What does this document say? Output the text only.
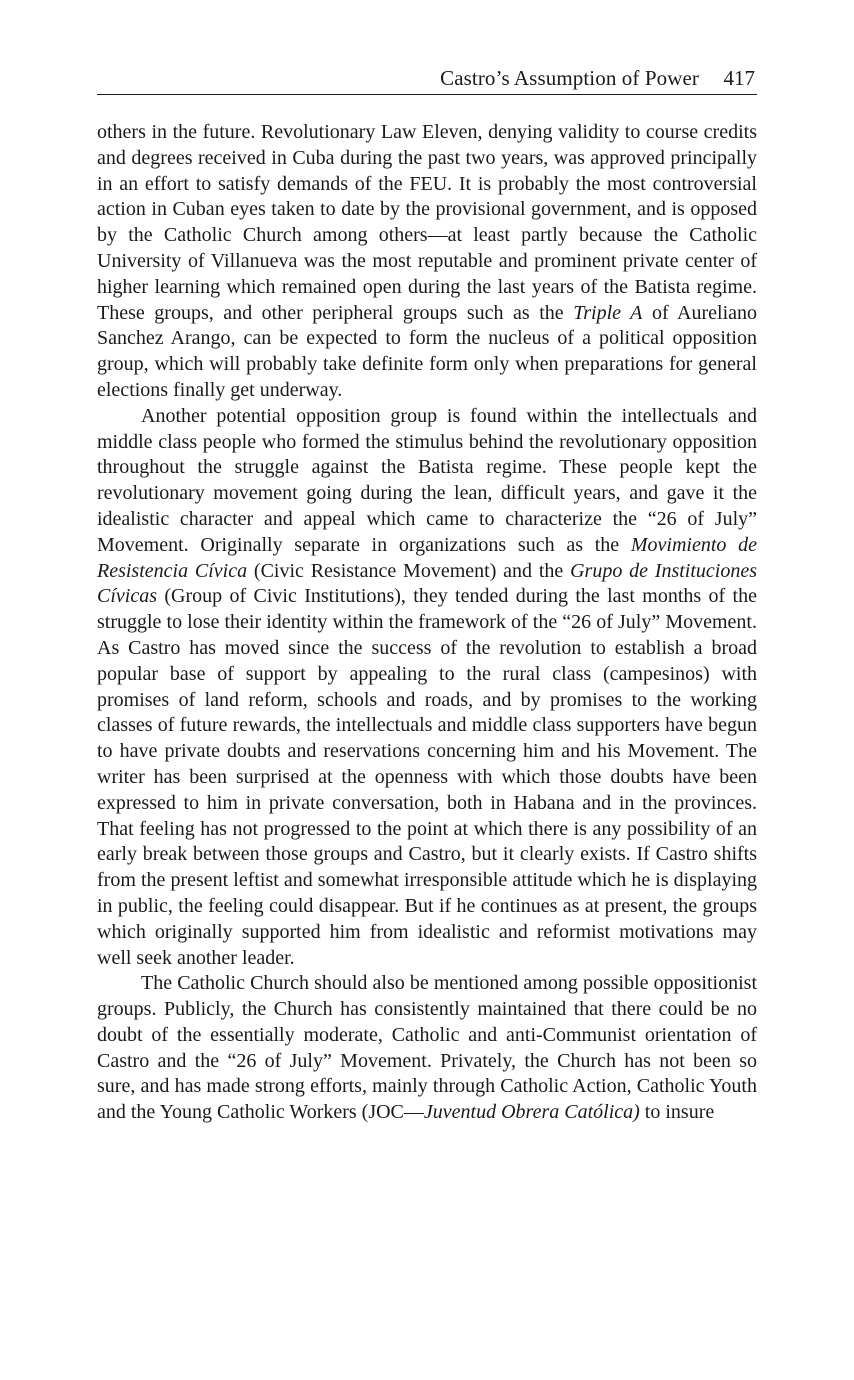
Castro’s Assumption of Power 417

others in the future. Revolutionary Law Eleven, denying validity to course credits and degrees received in Cuba during the past two years, was approved principally in an effort to satisfy demands of the FEU. It is probably the most controversial action in Cuban eyes taken to date by the provisional government, and is opposed by the Catholic Church among others—at least partly because the Catholic University of Villanueva was the most reputable and prominent private center of higher learning which remained open during the last years of the Batista regime. These groups, and other peripheral groups such as the Triple A of Aureliano Sanchez Arango, can be expected to form the nucleus of a political opposition group, which will probably take definite form only when preparations for general elections finally get underway.

Another potential opposition group is found within the intellectuals and middle class people who formed the stimulus behind the revolutionary opposition throughout the struggle against the Batista regime. These people kept the revolutionary movement going during the lean, difficult years, and gave it the idealistic character and appeal which came to characterize the “26 of July” Movement. Originally separate in organizations such as the Movimiento de Resistencia Cívica (Civic Resistance Movement) and the Grupo de Instituciones Cívicas (Group of Civic Institutions), they tended during the last months of the struggle to lose their identity within the framework of the “26 of July” Movement. As Castro has moved since the success of the revolution to establish a broad popular base of support by appealing to the rural class (campesinos) with promises of land reform, schools and roads, and by promises to the working classes of future rewards, the intellectuals and middle class supporters have begun to have private doubts and reservations concerning him and his Movement. The writer has been surprised at the openness with which those doubts have been expressed to him in private conversation, both in Habana and in the provinces. That feeling has not progressed to the point at which there is any possibility of an early break between those groups and Castro, but it clearly exists. If Castro shifts from the present leftist and somewhat irresponsible attitude which he is displaying in public, the feeling could disappear. But if he continues as at present, the groups which originally supported him from idealistic and reformist motivations may well seek another leader.

The Catholic Church should also be mentioned among possible oppositionist groups. Publicly, the Church has consistently maintained that there could be no doubt of the essentially moderate, Catholic and anti-Communist orientation of Castro and the “26 of July” Movement. Privately, the Church has not been so sure, and has made strong efforts, mainly through Catholic Action, Catholic Youth and the Young Catholic Workers (JOC—Juventud Obrera Católica) to insure
